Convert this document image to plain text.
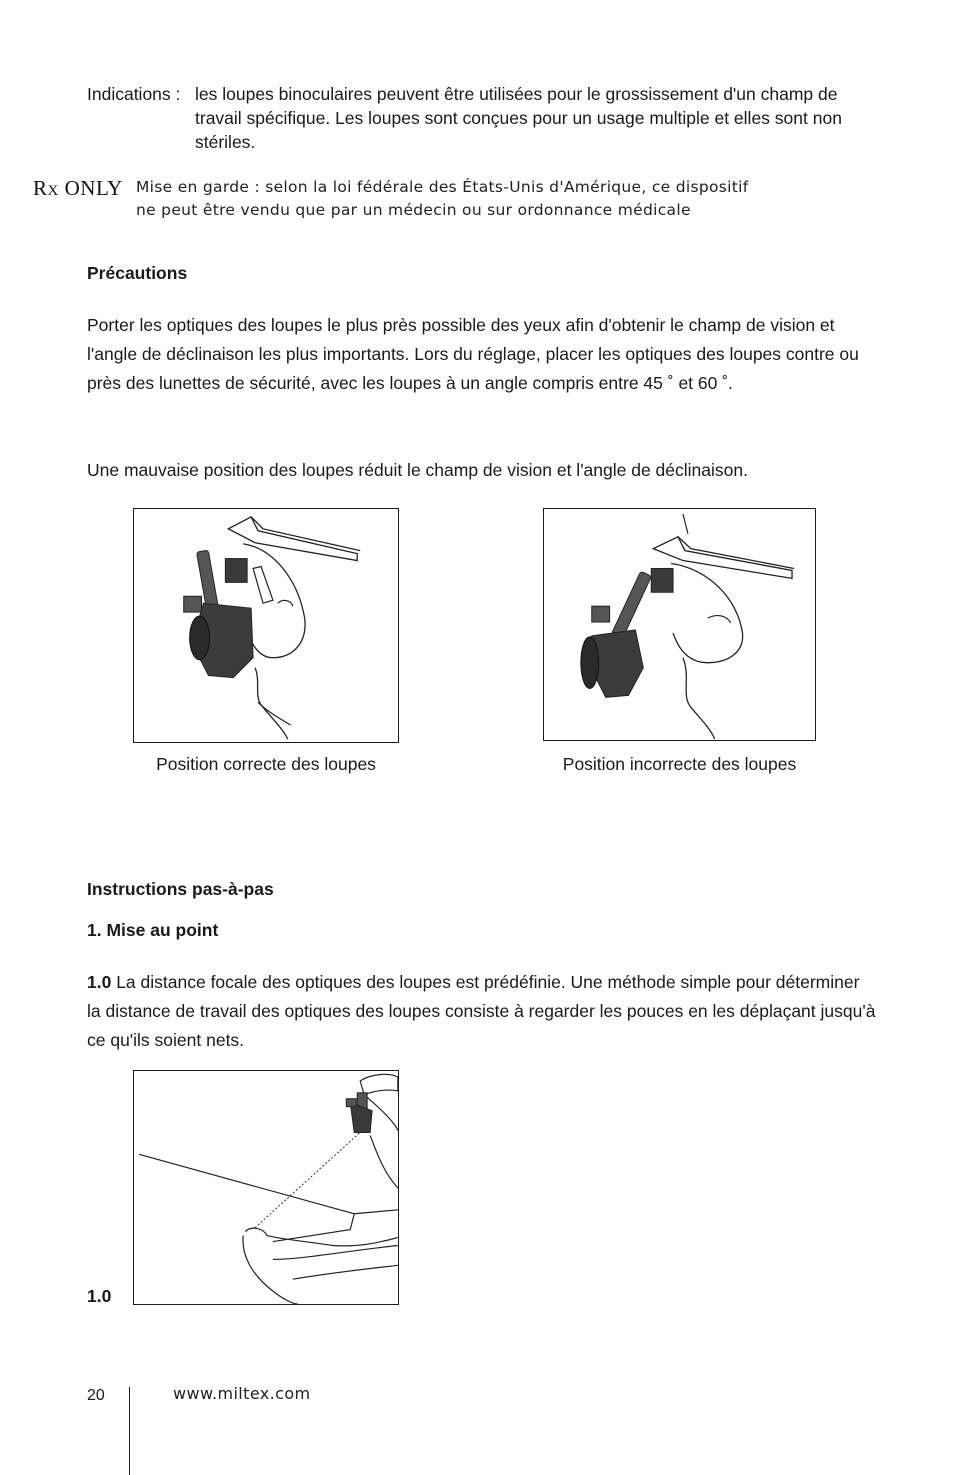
Indications : les loupes binoculaires peuvent être utilisées pour le grossissement d'un champ de travail spécifique. Les loupes sont conçues pour un usage multiple et elles sont non stériles.
RX ONLY Mise en garde : selon la loi fédérale des États-Unis d'Amérique, ce dispositif
ne peut être vendu que par un médecin ou sur ordonnance médicale
Précautions
Porter les optiques des loupes le plus près possible des yeux afin d'obtenir le champ de vision et l'angle de déclinaison les plus importants. Lors du réglage, placer les optiques des loupes contre ou près des lunettes de sécurité, avec les loupes à un angle compris entre 45 ˚ et 60 ˚.
Une mauvaise position des loupes réduit le champ de vision et l'angle de déclinaison.
Position correcte des loupes	Position incorrecte des loupes
Instructions pas-à-pas
1. Mise au point
1.0 La distance focale des optiques des loupes est prédéfinie. Une méthode simple pour déterminer la distance de travail des optiques des loupes consiste à regarder les pouces en les déplaçant jusqu'à ce qu'ils soient nets.
1.0
20	www.miltex.com
